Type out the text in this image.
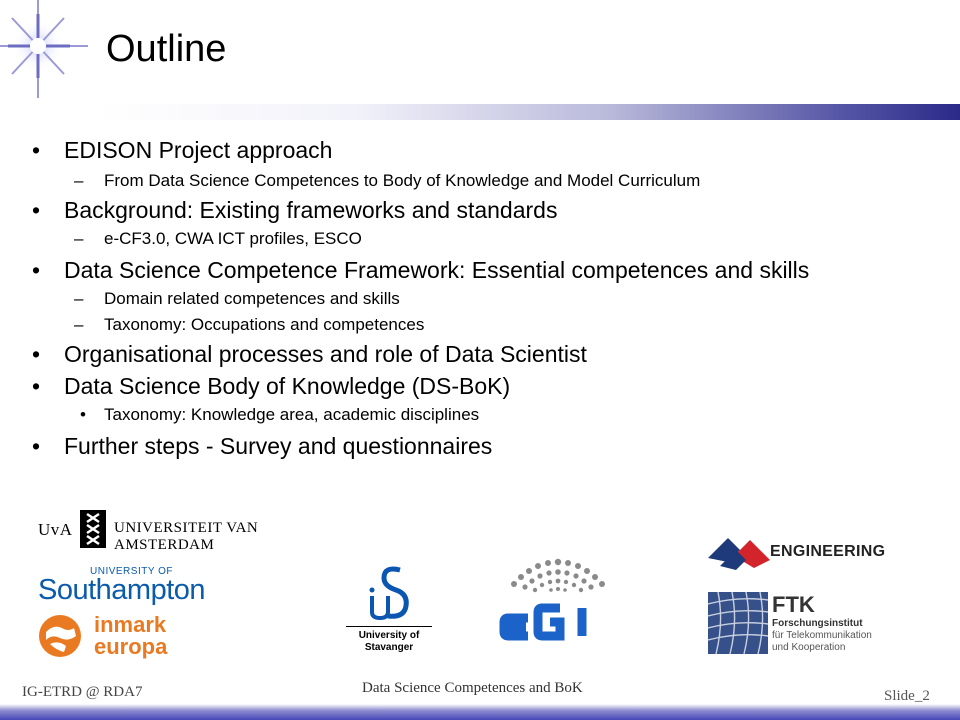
Outline
• EDISON Project approach
– From Data Science Competences to Body of Knowledge and Model Curriculum
• Background: Existing frameworks and standards
– e-CF3.0, CWA ICT profiles, ESCO
• Data Science Competence Framework: Essential competences and skills
– Domain related competences and skills
– Taxonomy: Occupations and competences
• Organisational processes and role of Data Scientist
• Data Science Body of Knowledge (DS-BoK)
• Taxonomy: Knowledge area, academic disciplines
• Further steps - Survey and questionnaires
UvA	UNIVERSITEIT VAN AMSTERDAM
UNIVERSITY OF
Southampton
inmark
europa	University of
Stavanger
ENGINEERING
FTK
Forschungsinstitut
für Telekommunikation
und Kooperation
IG-ETRD @ RDA7	Data Science Competences and BoK	Slide_2
